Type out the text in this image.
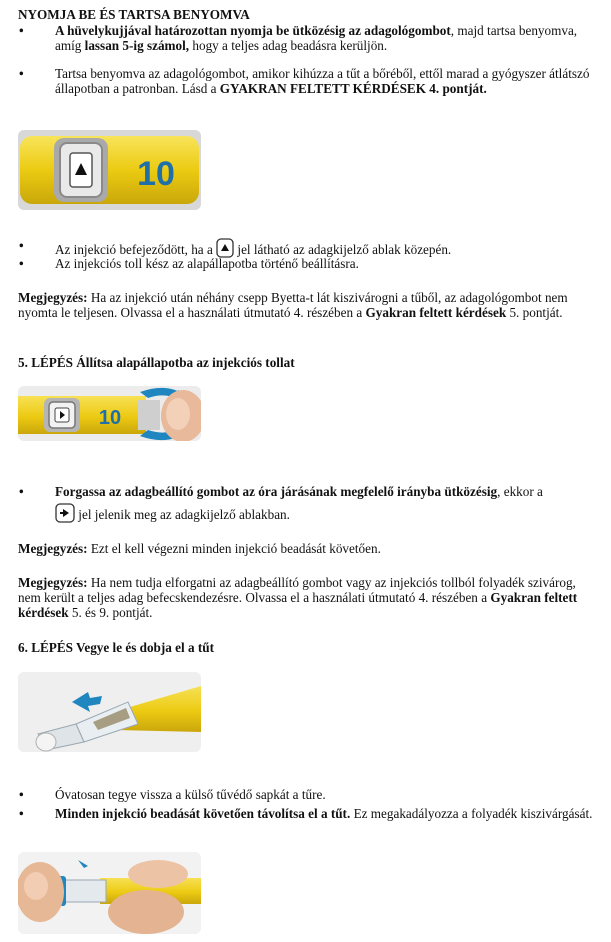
NYOMJA BE ÉS TARTSA BENYOMVA
• A hüvelykujjával határozottan nyomja be ütközésig az adagológombot, majd tartsa benyomva, amíg lassan 5-ig számol, hogy a teljes adag beadásra kerüljön.
• Tartsa benyomva az adagológombot, amikor kihúzza a tűt a bőréből, ettől marad a gyógyszer átlátszó állapotban a patronban. Lásd a GYAKRAN FELTETT KÉRDÉSEK 4. pontját.
10
• Az injekció befejeződött, ha a jel látható az adagkijelző ablak közepén.
• Az injekciós toll kész az alapállapotba történő beállításra.
Megjegyzés: Ha az injekció után néhány csepp Byetta-t lát kiszivárogni a tűből, az adagológombot nem nyomta le teljesen. Olvassa el a használati útmutató 4. részében a Gyakran feltett kérdések 5. pontját.
5. LÉPÉS Állítsa alapállapotba az injekciós tollat
10
• Forgassa az adagbeállító gombot az óra járásának megfelelő irányba ütközésig, ekkor a
jel jelenik meg az adagkijelző ablakban.
Megjegyzés: Ezt el kell végezni minden injekció beadását követően.
Megjegyzés: Ha nem tudja elforgatni az adagbeállító gombot vagy az injekciós tollból folyadék szivárog, nem került a teljes adag befecskendezésre. Olvassa el a használati útmutató 4. részében a Gyakran feltett kérdések 5. és 9. pontját.
6. LÉPÉS Vegye le és dobja el a tűt
• Óvatosan tegye vissza a külső tűvédő sapkát a tűre.
• Minden injekció beadását követően távolítsa el a tűt. Ez megakadályozza a folyadék kiszivárgását.
